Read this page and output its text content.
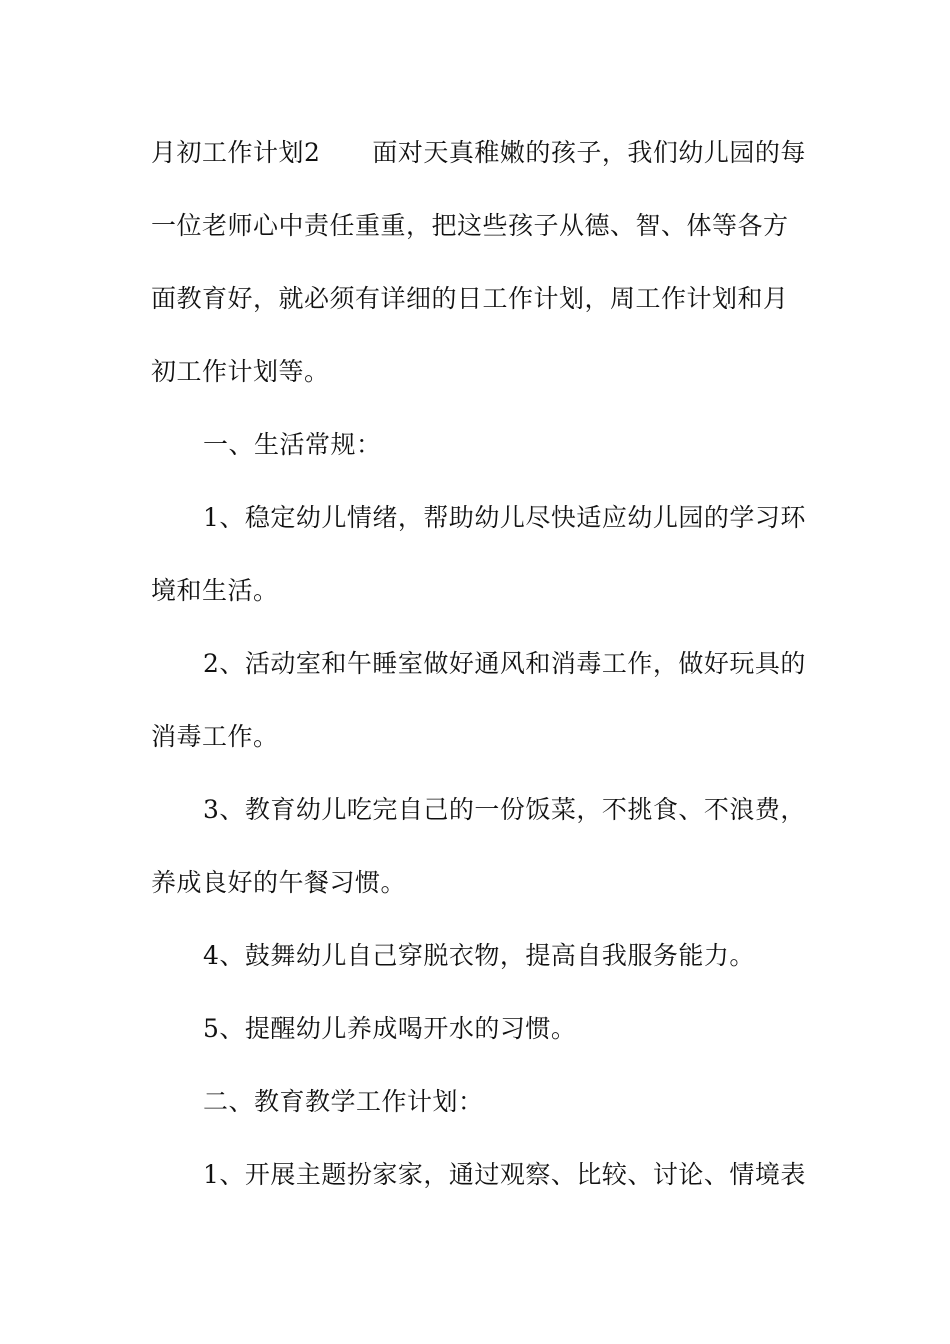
月初工作计划2 面对天真稚嫩的孩子，我们幼儿园的每
一位老师心中责任重重，把这些孩子从德、智、体等各方
面教育好，就必须有详细的日工作计划，周工作计划和月
初工作计划等。
一、生活常规：
1、稳定幼儿情绪，帮助幼儿尽快适应幼儿园的学习环
境和生活。
2、活动室和午睡室做好通风和消毒工作，做好玩具的
消毒工作。
3、教育幼儿吃完自己的一份饭菜，不挑食、不浪费，
养成良好的午餐习惯。
4、鼓舞幼儿自己穿脱衣物，提高自我服务能力。
5、提醒幼儿养成喝开水的习惯。
二、教育教学工作计划：
1、开展主题扮家家，通过观察、比较、讨论、情境表
